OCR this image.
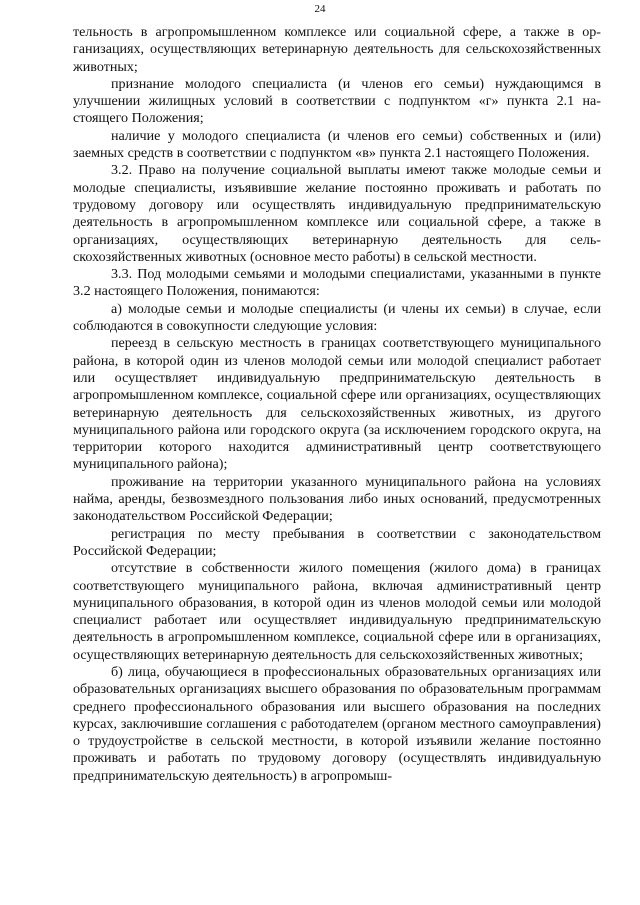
24

тельность в агропромышленном комплексе или социальной сфере, а также в организациях, осуществляющих ветеринарную деятельность для сельскохозяйственных животных;

признание молодого специалиста (и членов его семьи) нуждающимся в улучшении жилищных условий в соответствии с подпунктом «г» пункта 2.1 настоящего Положения;

наличие у молодого специалиста (и членов его семьи) собственных и (или) заемных средств в соответствии с подпунктом «в» пункта 2.1 настоящего Положения.

3.2. Право на получение социальной выплаты имеют также молодые семьи и молодые специалисты, изъявившие желание постоянно проживать и работать по трудовому договору или осуществлять индивидуальную предпринимательскую деятельность в агропромышленном комплексе или социальной сфере, а также в организациях, осуществляющих ветеринарную деятельность для сельскохозяйственных животных (основное место работы) в сельской местности.

3.3. Под молодыми семьями и молодыми специалистами, указанными в пункте 3.2 настоящего Положения, понимаются:

а) молодые семьи и молодые специалисты (и члены их семьи) в случае, если соблюдаются в совокупности следующие условия:

переезд в сельскую местность в границах соответствующего муниципального района, в которой один из членов молодой семьи или молодой специалист работает или осуществляет индивидуальную предпринимательскую деятельность в агропромышленном комплексе, социальной сфере или организациях, осуществляющих ветеринарную деятельность для сельскохозяйственных животных, из другого муниципального района или городского округа (за исключением городского округа, на территории которого находится административный центр соответствующего муниципального района);

проживание на территории указанного муниципального района на условиях найма, аренды, безвозмездного пользования либо иных оснований, предусмотренных законодательством Российской Федерации;

регистрация по месту пребывания в соответствии с законодательством Российской Федерации;

отсутствие в собственности жилого помещения (жилого дома) в границах соответствующего муниципального района, включая административный центр муниципального образования, в которой один из членов молодой семьи или молодой специалист работает или осуществляет индивидуальную предпринимательскую деятельность в агропромышленном комплексе, социальной сфере или в организациях, осуществляющих ветеринарную деятельность для сельскохозяйственных животных;

б) лица, обучающиеся в профессиональных образовательных организациях или образовательных организациях высшего образования по образовательным программам среднего профессионального образования или высшего образования на последних курсах, заключившие соглашения с работодателем (органом местного самоуправления) о трудоустройстве в сельской местности, в которой изъявили желание постоянно проживать и работать по трудовому договору (осуществлять индивидуальную предпринимательскую деятельность) в агропромыш-
